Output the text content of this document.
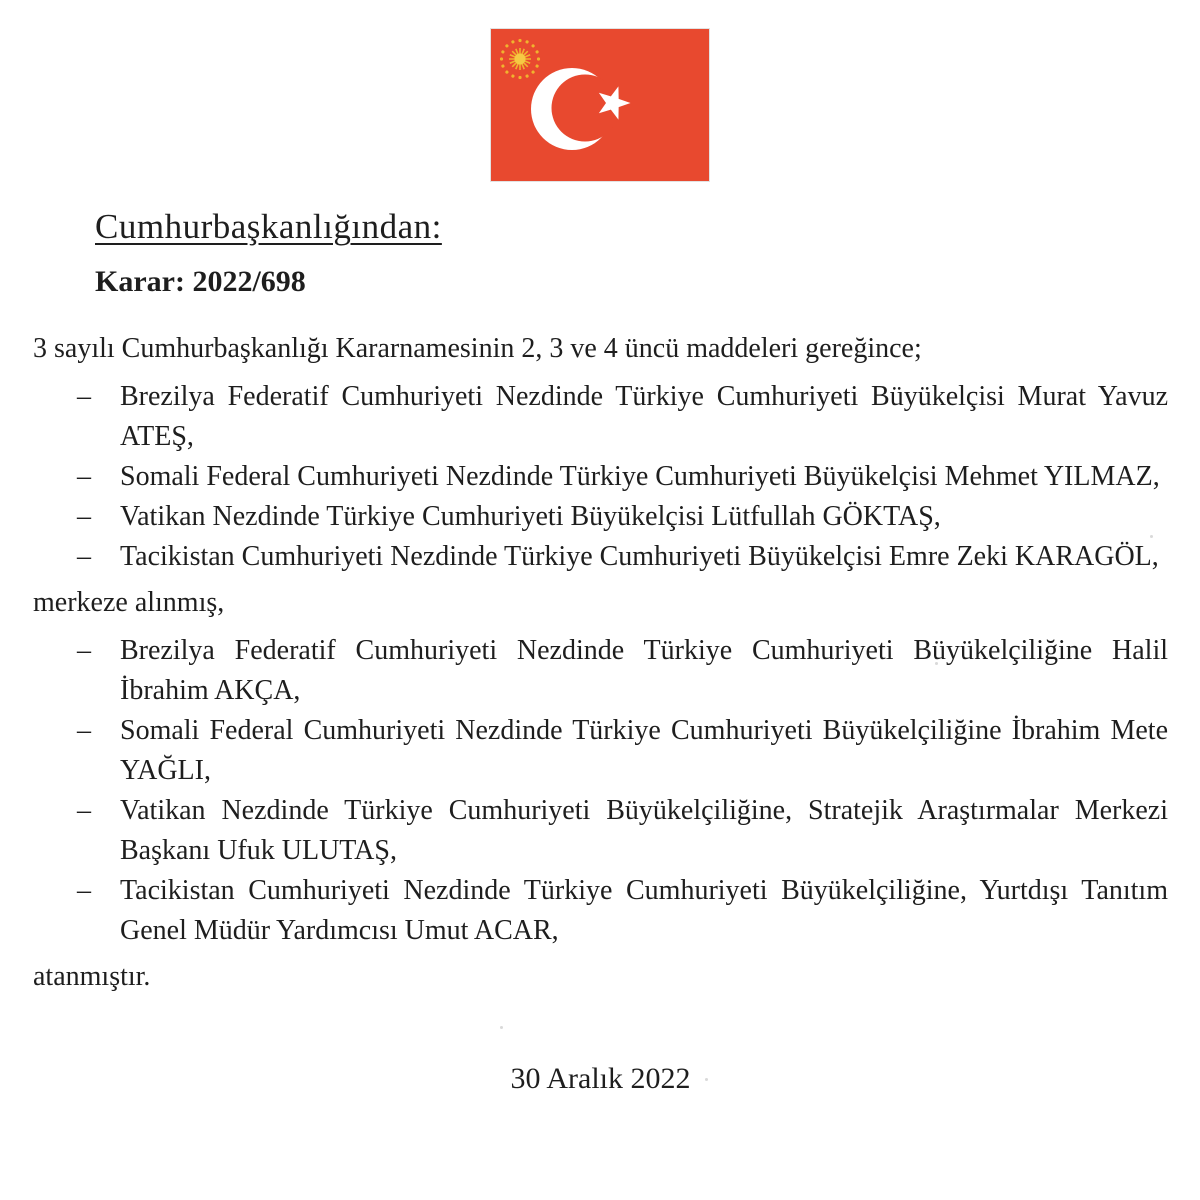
Cumhurbaşkanlığından:

Karar: 2022/698

3 sayılı Cumhurbaşkanlığı Kararnamesinin 2, 3 ve 4 üncü maddeleri gereğince;

– Brezilya Federatif Cumhuriyeti Nezdinde Türkiye Cumhuriyeti Büyükelçisi Murat Yavuz ATEŞ,
– Somali Federal Cumhuriyeti Nezdinde Türkiye Cumhuriyeti Büyükelçisi Mehmet YILMAZ,
– Vatikan Nezdinde Türkiye Cumhuriyeti Büyükelçisi Lütfullah GÖKTAŞ,
– Tacikistan Cumhuriyeti Nezdinde Türkiye Cumhuriyeti Büyükelçisi Emre Zeki KARAGÖL,

merkeze alınmış,

– Brezilya Federatif Cumhuriyeti Nezdinde Türkiye Cumhuriyeti Büyükelçiliğine Halil İbrahim AKÇA,
– Somali Federal Cumhuriyeti Nezdinde Türkiye Cumhuriyeti Büyükelçiliğine İbrahim Mete YAĞLI,
– Vatikan Nezdinde Türkiye Cumhuriyeti Büyükelçiliğine, Stratejik Araştırmalar Merkezi Başkanı Ufuk ULUTAŞ,
– Tacikistan Cumhuriyeti Nezdinde Türkiye Cumhuriyeti Büyükelçiliğine, Yurtdışı Tanıtım Genel Müdür Yardımcısı Umut ACAR,

atanmıştır.

30 Aralık 2022
